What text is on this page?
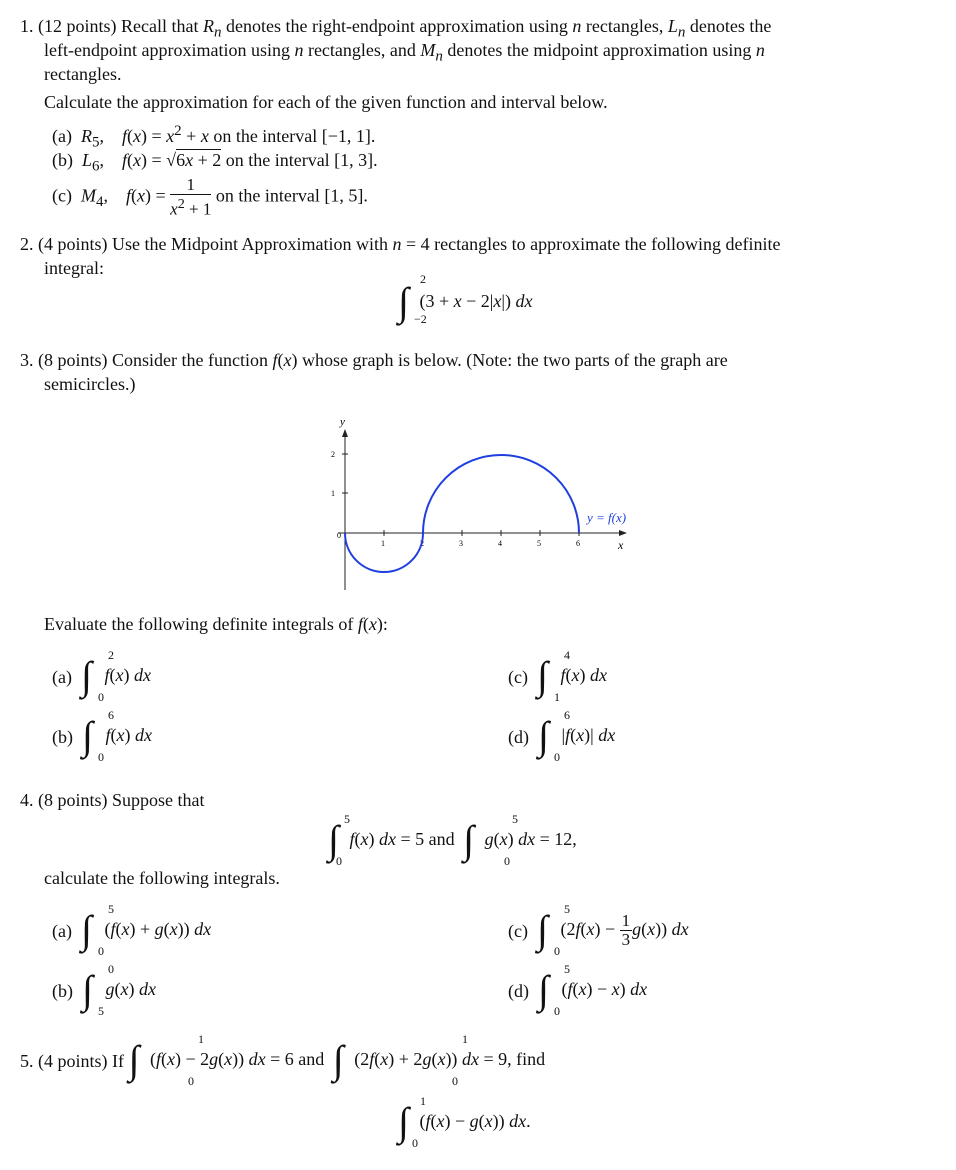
1. (12 points) Recall that $R_n$ denotes the right-endpoint approximation using n rectangles, $L_n$ denotes the
left-endpoint approximation using n rectangles, and $M_n$ denotes the midpoint approximation using n
rectangles.
Calculate the approximation for each of the given function and interval below.
(a) $R_5$,    $f(x) = x^2 + x$ on the interval [−1, 1].
(b) $L_6$,    f(x) = √6x + 2 on the interval [1, 3].
(c) $M_4$,    $f(x) = \frac{1}{x^2 + 1}$ on the interval [1, 5].
2. (4 points) Use the Midpoint Approximation with n = 4 rectangles to approximate the following definite
integral:
∫ 2
−2
(3 + x − 2|x|) dx
3. (8 points) Consider the function f(x) whose graph is below. (Note: the two parts of the graph are
semicircles.)
y
x
0
1	2	3	4	5	6
1
2
y = f(x)
Evaluate the following definite integrals of f(x):
(a) ∫ 2
0
f(x) dx
(b) ∫ 6
0
f(x) dx
(c) ∫ 4
1
f(x) dx
(d) ∫ 6
0
|f(x)| dx
4. (8 points) Suppose that
∫ 5
0
f(x) dx = 5 and ∫	5
0
g(x) dx = 12,
calculate the following integrals.
(a) ∫ 5
0
(f(x) + g(x)) dx
(b) ∫ 0
5
g(x) dx
(c) ∫ 5
0
$(2f(x) - \frac{1}{3} g(x))$ dx
(d) ∫ 5
0
(f(x) − x) dx
5. (4 points) If ∫	1
0
(f(x) − 2g(x)) dx = 6 and ∫	1
0
(2f(x) + 2g(x)) dx = 9, find
∫ 1
0
(f(x) − g(x)) dx.
